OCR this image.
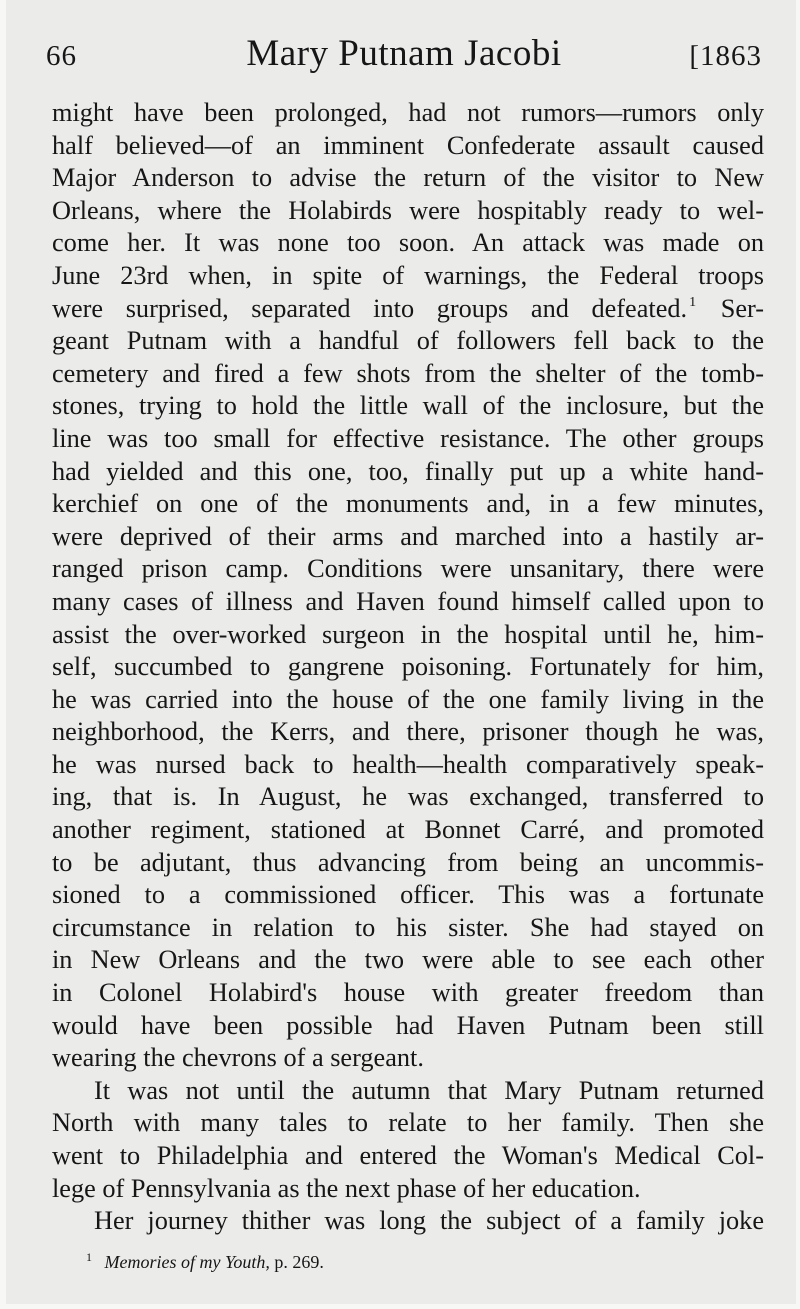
66	Mary Putnam Jacobi	[1863
might have been prolonged, had not rumors—rumors only
half believed—of an imminent Confederate assault caused
Major Anderson to advise the return of the visitor to New
Orleans, where the Holabirds were hospitably ready to wel-
come her. It was none too soon. An attack was made on
June 23rd when, in spite of warnings, the Federal troops
were surprised, separated into groups and defeated. $^1$ Ser-
geant Putnam with a handful of followers fell back to the
cemetery and fired a few shots from the shelter of the tomb-
stones, trying to hold the little wall of the inclosure, but the
line was too small for effective resistance. The other groups
had yielded and this one, too, finally put up a white hand-
kerchief on one of the monuments and, in a few minutes,
were deprived of their arms and marched into a hastily ar-
ranged prison camp. Conditions were unsanitary, there were
many cases of illness and Haven found himself called upon to
assist the over-worked surgeon in the hospital until he, him-
self, succumbed to gangrene poisoning. Fortunately for him,
he was carried into the house of the one family living in the
neighborhood, the Kerrs, and there, prisoner though he was,
he was nursed back to health—health comparatively speak-
ing, that is. In August, he was exchanged, transferred to
another regiment, stationed at Bonnet Carré, and promoted
to be adjutant, thus advancing from being an uncommis-
sioned to a commissioned officer. This was a fortunate
circumstance in relation to his sister. She had stayed on
in New Orleans and the two were able to see each other
in Colonel Holabird's house with greater freedom than
would have been possible had Haven Putnam been still
wearing the chevrons of a sergeant.
It was not until the autumn that Mary Putnam returned
North with many tales to relate to her family. Then she
went to Philadelphia and entered the Woman's Medical Col-
lege of Pennsylvania as the next phase of her education.
Her journey thither was long the subject of a family joke
$^1$ Memories of my Youth, p. 269.
